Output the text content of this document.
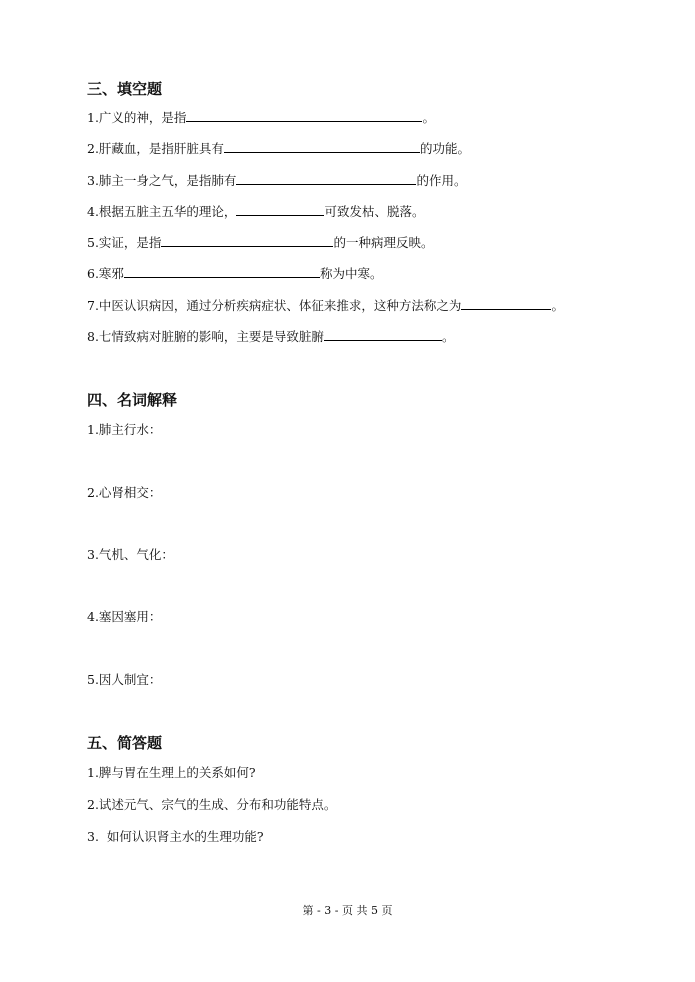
三、填空题
1.广义的神，是指	。
2.肝藏血，是指肝脏具有	的功能。
3.肺主一身之气，是指肺有	的作用。
4.根据五脏主五华的理论，	可致发枯、脱落。
5.实证，是指	的一种病理反映。
6.寒邪	称为中寒。
7.中医认识病因，通过分析疾病症状、体征来推求，这种方法称之为	。
8.七情致病对脏腑的影响，主要是导致脏腑	。
四、名词解释
1.肺主行水：
2.心肾相交：
3.气机、气化：
4.塞因塞用：
5.因人制宜：
五、简答题
1.脾与胃在生理上的关系如何?
2.试述元气、宗气的生成、分布和功能特点。
3.  如何认识肾主水的生理功能?
第 - 3 - 页 共 5 页
